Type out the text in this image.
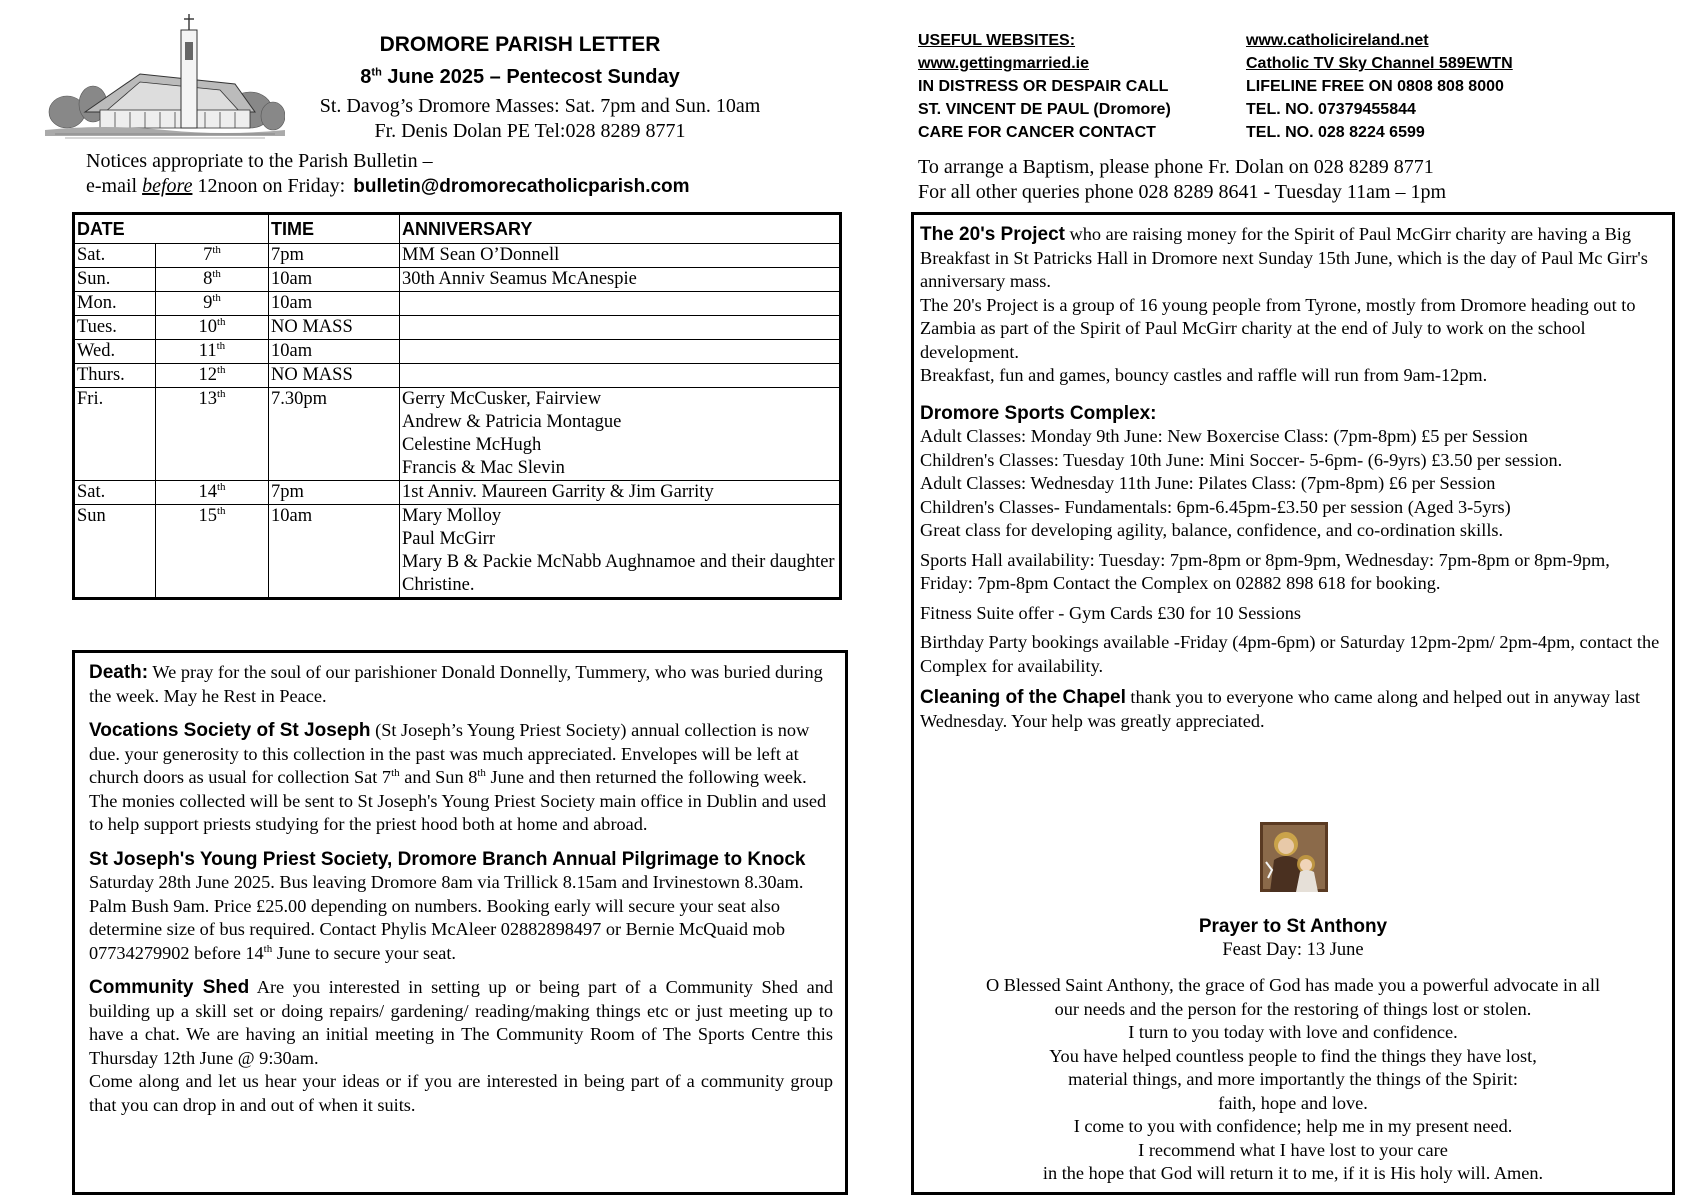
DROMORE PARISH LETTER
8th June 2025 – Pentecost Sunday
St. Davog’s Dromore Masses: Sat. 7pm and Sun. 10am
Fr. Denis Dolan PE Tel:028 8289 8771
Notices appropriate to the Parish Bulletin –
e-mail before 12noon on Friday: bulletin@dromorecatholicparish.com
DATE		TIME	ANNIVERSARY
Sat.	7th	7pm	MM Sean O’Donnell

Sun.	8th	10am	30th Anniv Seamus McAnespie

Mon.	9th	10am	
Tues.	10th	NO MASS	
Wed.	11th	10am	
Thurs.	12th	NO MASS	
Fri.	13th	7.30pm	Gerry McCusker, Fairview
Andrew & Patricia Montague
Celestine McHugh
Francis & Mac Slevin

Sat.	14th	7pm	1st Anniv. Maureen Garrity & Jim Garrity

Sun	15th	10am	Mary Molloy
Paul McGirr
Mary B & Packie McNabb Aughnamoe and their daughter Christine.

Death: We pray for the soul of our parishioner Donald Donnelly, Tummery, who was buried during the week. May he Rest in Peace.

Vocations Society of St Joseph (St Joseph’s Young Priest Society) annual collection is now due. your generosity to this collection in the past was much appreciated. Envelopes will be left at church doors as usual for collection Sat 7th and Sun 8th June and then returned the following week. The monies collected will be sent to St Joseph's Young Priest Society main office in Dublin and used to help support priests studying for the priest hood both at home and abroad.

St Joseph's Young Priest Society, Dromore Branch Annual Pilgrimage to Knock Saturday 28th June 2025. Bus leaving Dromore 8am via Trillick 8.15am and Irvinestown 8.30am. Palm Bush 9am. Price £25.00 depending on numbers. Booking early will secure your seat also determine size of bus required. Contact Phylis McAleer 02882898497 or Bernie McQuaid mob 07734279902 before 14th June to secure your seat.

Community Shed Are you interested in setting up or being part of a Community Shed and building up a skill set or doing repairs/ gardening/ reading/making things etc or just meeting up to have a chat. We are having an initial meeting in The Community Room of The Sports Centre this Thursday 12th June @ 9:30am.
Come along and let us hear your ideas or if you are interested in being part of a community group that you can drop in and out of when it suits.

USEFUL WEBSITES:	www.catholicireland.net
www.gettingmarried.ie	Catholic TV Sky Channel 589EWTN
IN DISTRESS OR DESPAIR CALL	LIFELINE FREE ON 0808 808 8000
ST. VINCENT DE PAUL (Dromore)	TEL. NO. 07379455844
CARE FOR CANCER CONTACT	TEL. NO. 028 8224 6599
To arrange a Baptism, please phone Fr. Dolan on 028 8289 8771
For all other queries phone 028 8289 8641 - Tuesday 11am – 1pm

The 20's Project who are raising money for the Spirit of Paul McGirr charity are having a Big Breakfast in St Patricks Hall in Dromore next Sunday 15th June, which is the day of Paul Mc Girr's anniversary mass.
The 20's Project is a group of 16 young people from Tyrone, mostly from Dromore heading out to Zambia as part of the Spirit of Paul McGirr charity at the end of July to work on the school development.
Breakfast, fun and games, bouncy castles and raffle will run from 9am-12pm.

Dromore Sports Complex:
Adult Classes: Monday 9th June: New Boxercise Class: (7pm-8pm) £5 per Session
Children's Classes: Tuesday 10th June: Mini Soccer- 5-6pm- (6-9yrs) £3.50 per session.
Adult Classes: Wednesday 11th June: Pilates Class: (7pm-8pm) £6 per Session
Children's Classes- Fundamentals: 6pm-6.45pm-£3.50 per session (Aged 3-5yrs)
Great class for developing agility, balance, confidence, and co-ordination skills.

Sports Hall availability: Tuesday: 7pm-8pm or 8pm-9pm, Wednesday: 7pm-8pm or 8pm-9pm, Friday: 7pm-8pm Contact the Complex on 02882 898 618 for booking.

Fitness Suite offer - Gym Cards £30 for 10 Sessions

Birthday Party bookings available -Friday (4pm-6pm) or Saturday 12pm-2pm/ 2pm-4pm, contact the Complex for availability.

Cleaning of the Chapel thank you to everyone who came along and helped out in anyway last Wednesday. Your help was greatly appreciated.

Prayer to St Anthony
Feast Day: 13 June
O Blessed Saint Anthony, the grace of God has made you a powerful advocate in all
our needs and the person for the restoring of things lost or stolen.
I turn to you today with love and confidence.
You have helped countless people to find the things they have lost,
material things, and more importantly the things of the Spirit:
faith, hope and love.
I come to you with confidence; help me in my present need.
I recommend what I have lost to your care
in the hope that God will return it to me, if it is His holy will. Amen.
